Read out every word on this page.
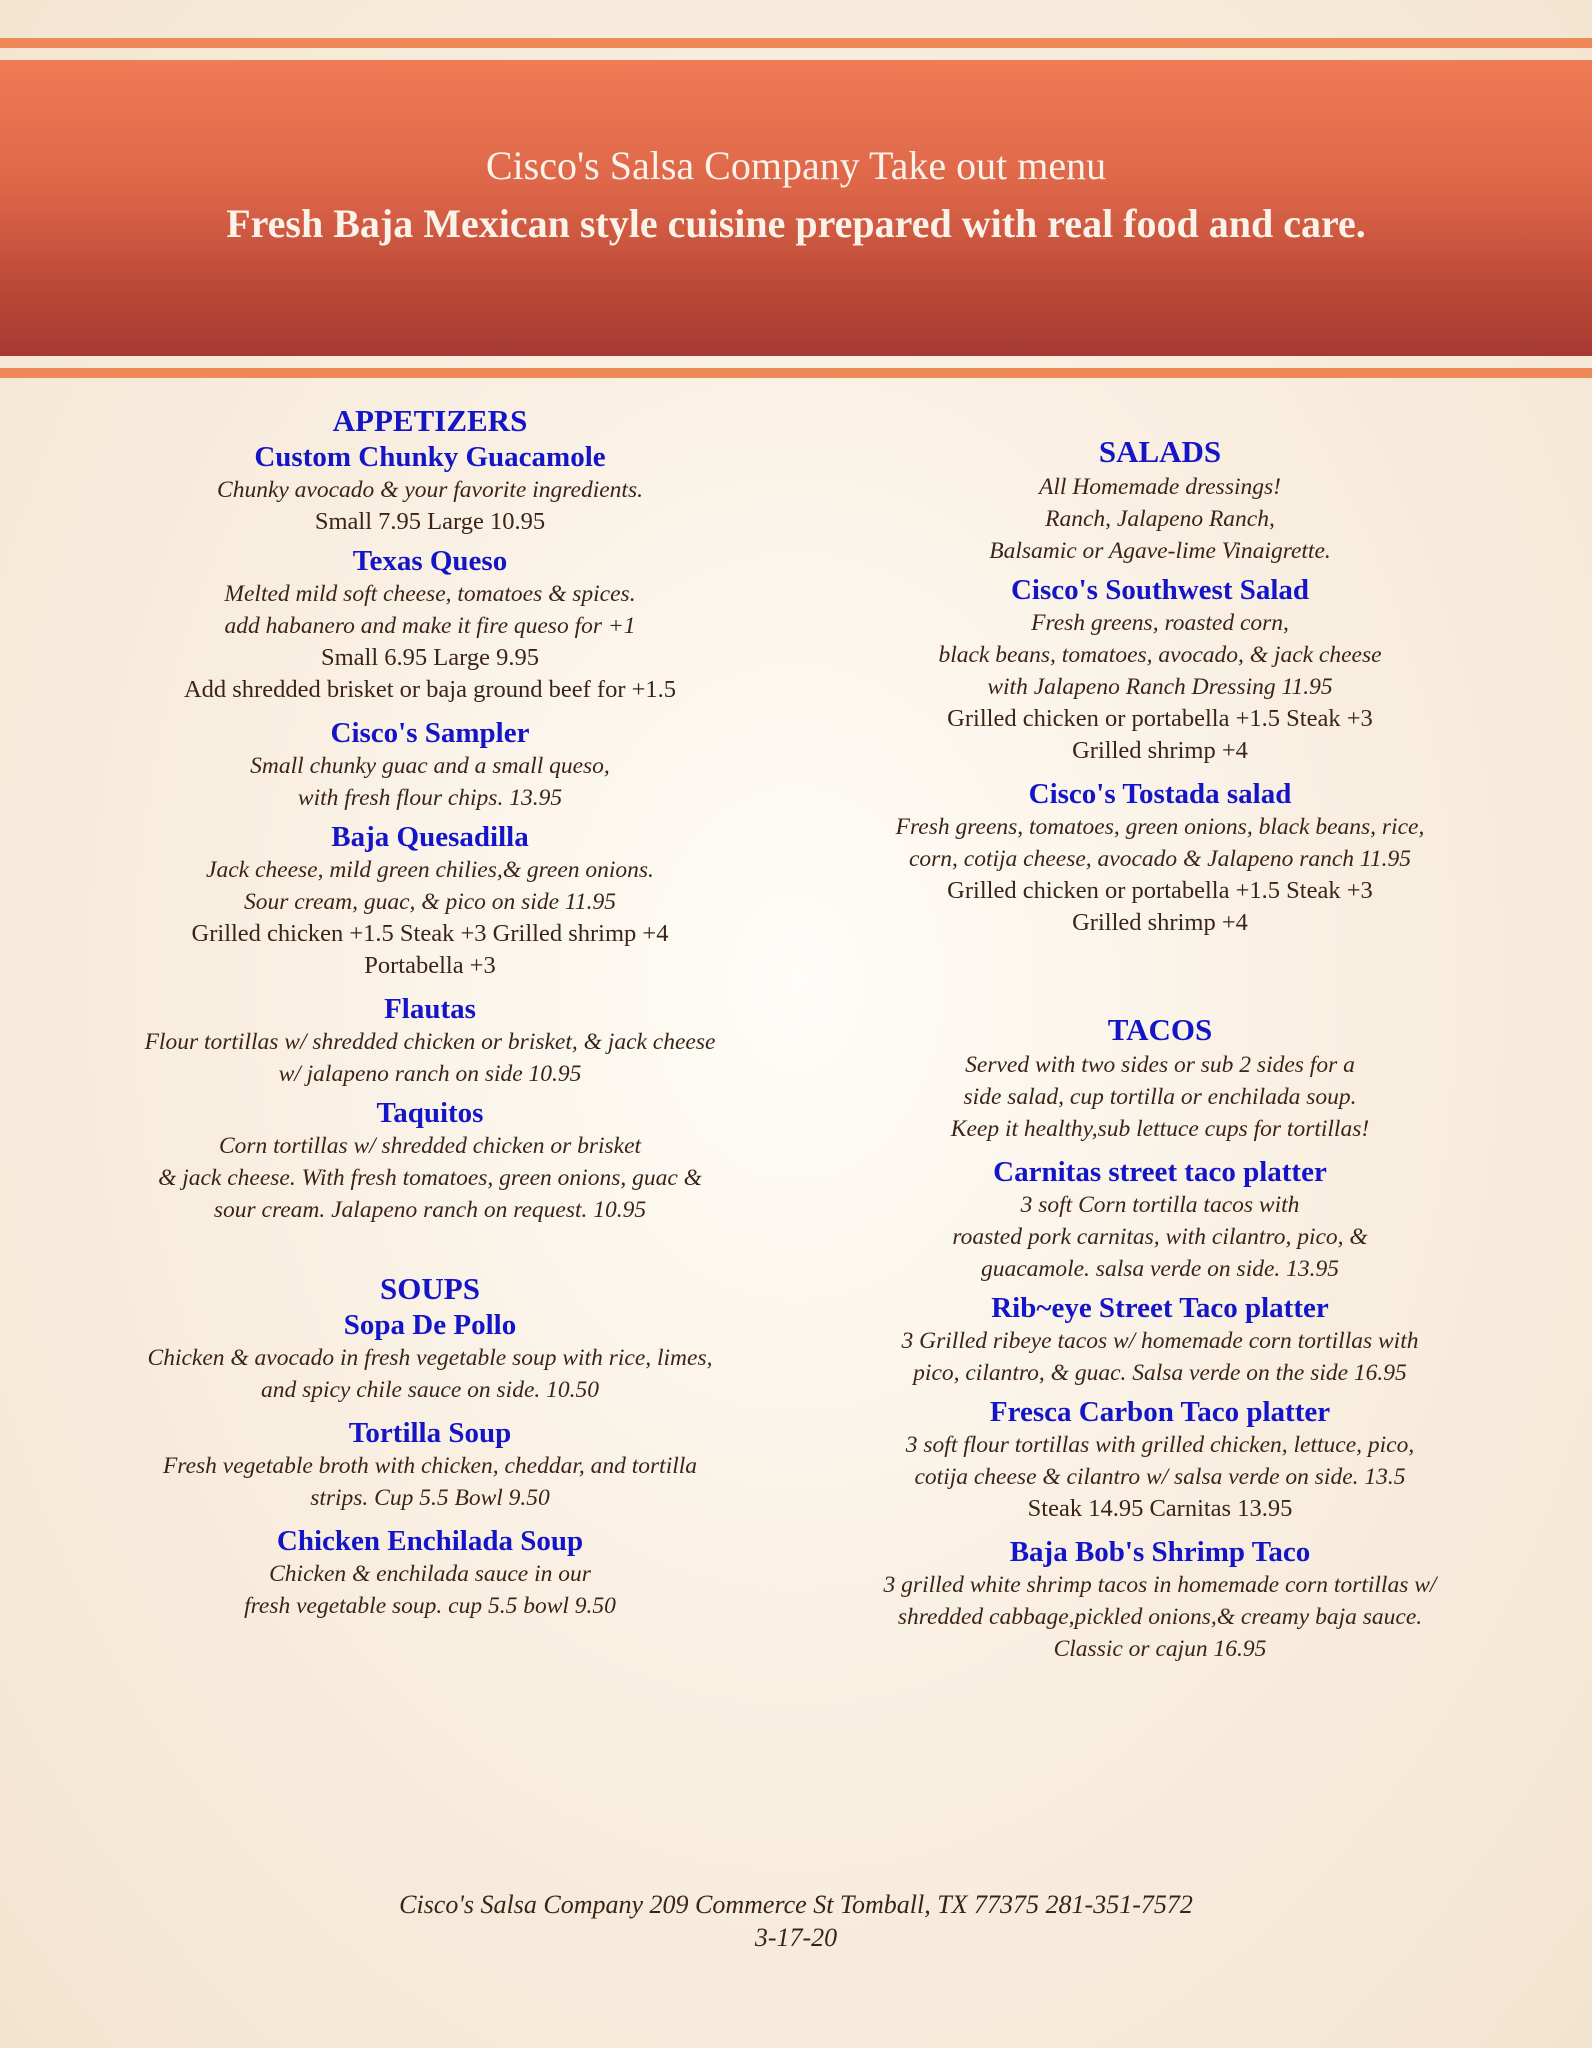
Cisco's Salsa Company Take out menu
Fresh Baja Mexican style cuisine prepared with real food and care.
APPETIZERS
Custom Chunky Guacamole
Chunky avocado & your favorite ingredients.
Small 7.95 Large 10.95
Texas Queso
Melted mild soft cheese, tomatoes & spices.
add habanero and make it fire queso for +1
Small 6.95 Large 9.95
Add shredded brisket or baja ground beef for +1.5
Cisco's Sampler
Small chunky guac and a small queso,
with fresh flour chips. 13.95
Baja Quesadilla
Jack cheese, mild green chilies,& green onions.
Sour cream, guac, & pico on side 11.95
Grilled chicken +1.5 Steak +3 Grilled shrimp +4
Portabella +3
Flautas
Flour tortillas w/ shredded chicken or brisket, & jack cheese
w/ jalapeno ranch on side 10.95
Taquitos
Corn tortillas w/ shredded chicken or brisket
& jack cheese. With fresh tomatoes, green onions, guac &
sour cream. Jalapeno ranch on request. 10.95
SOUPS
Sopa De Pollo
Chicken & avocado in fresh vegetable soup with rice, limes,
and spicy chile sauce on side. 10.50
Tortilla Soup
Fresh vegetable broth with chicken, cheddar, and tortilla
strips. Cup 5.5 Bowl 9.50
Chicken Enchilada Soup
Chicken & enchilada sauce in our
fresh vegetable soup. cup 5.5 bowl 9.50
SALADS
All Homemade dressings!
Ranch, Jalapeno Ranch,
Balsamic or Agave-lime Vinaigrette.
Cisco's Southwest Salad
Fresh greens, roasted corn,
black beans, tomatoes, avocado, & jack cheese
with Jalapeno Ranch Dressing 11.95
Grilled chicken or portabella +1.5 Steak +3
Grilled shrimp +4
Cisco's Tostada salad
Fresh greens, tomatoes, green onions, black beans, rice,
corn, cotija cheese, avocado & Jalapeno ranch 11.95
Grilled chicken or portabella +1.5 Steak +3
Grilled shrimp +4
TACOS
Served with two sides or sub 2 sides for a
side salad, cup tortilla or enchilada soup.
Keep it healthy,sub lettuce cups for tortillas!
Carnitas street taco platter
3 soft Corn tortilla tacos with
roasted pork carnitas, with cilantro, pico, &
guacamole. salsa verde on side. 13.95
Rib~eye Street Taco platter
3 Grilled ribeye tacos w/ homemade corn tortillas with
pico, cilantro, & guac. Salsa verde on the side 16.95
Fresca Carbon Taco platter
3 soft flour tortillas with grilled chicken, lettuce, pico,
cotija cheese & cilantro w/ salsa verde on side. 13.5
Steak 14.95 Carnitas 13.95
Baja Bob's Shrimp Taco
3 grilled white shrimp tacos in homemade corn tortillas w/
shredded cabbage,pickled onions,& creamy baja sauce.
Classic or cajun 16.95
Cisco's Salsa Company 209 Commerce St Tomball, TX 77375 281-351-7572
3-17-20
